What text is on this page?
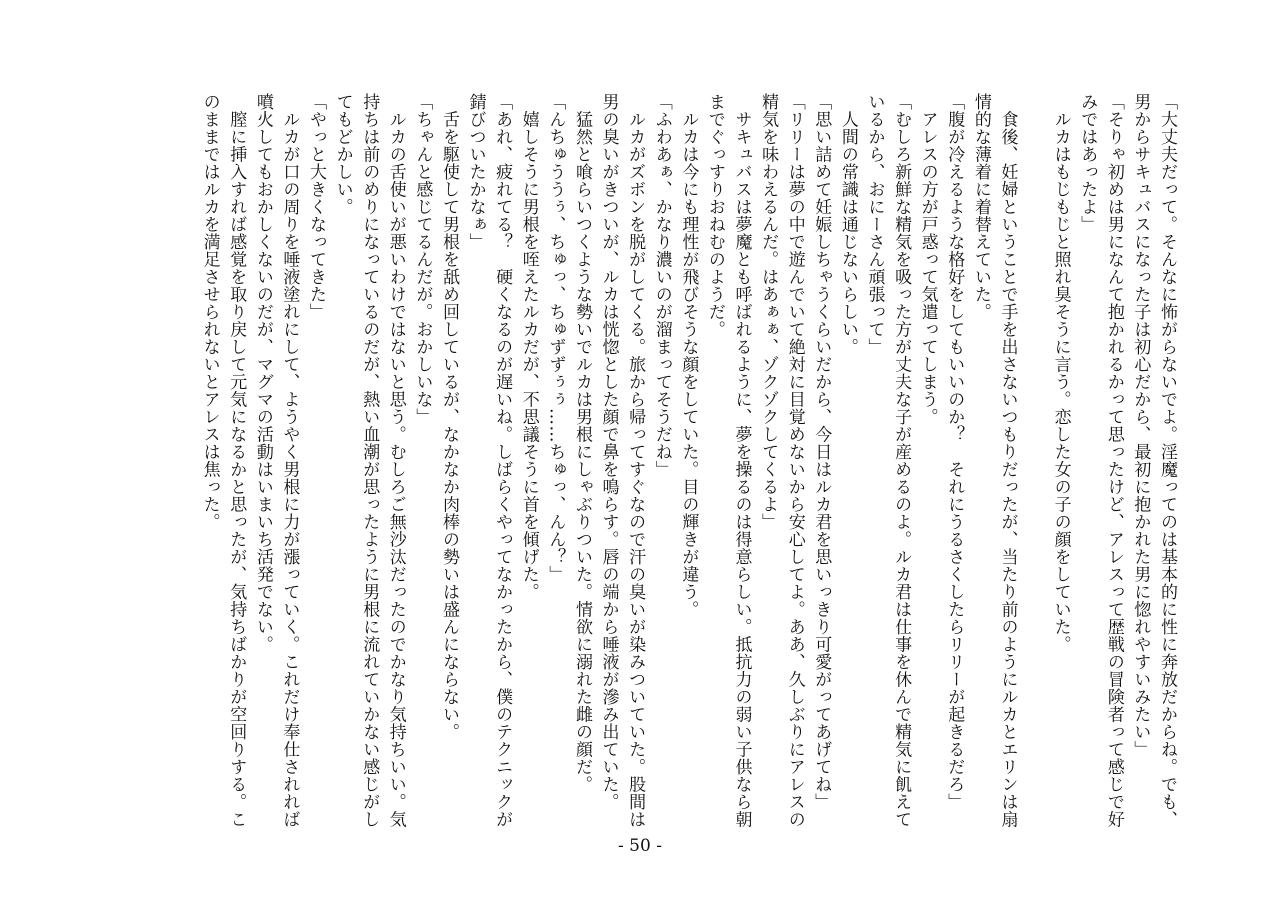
「大丈夫だって。そんなに怖がらないでよ。淫魔ってのは基本的に性に奔放だからね。でも、男からサキュバスになった子は初心だから、最初に抱かれた男に惚れやすいみたい」

「そりゃ初めは男になんて抱かれるかって思ったけど、アレスって歴戦の冒険者って感じで好みではあったよ」

　ルカはもじもじと照れ臭そうに言う。恋した女の子の顔をしていた。

　食後、妊婦ということで手を出さないつもりだったが、当たり前のようにルカとエリンは扇情的な薄着に着替えていた。

「腹が冷えるような格好をしてもいいのか？　それにうるさくしたらリリーが起きるだろ」

　アレスの方が戸惑って気遣ってしまう。

「むしろ新鮮な精気を吸った方が丈夫な子が産めるのよ。ルカ君は仕事を休んで精気に飢えているから、おにーさん頑張って」

　人間の常識は通じないらしい。

「思い詰めて妊娠しちゃうくらいだから、今日はルカ君を思いっきり可愛がってあげてね」

「リリーは夢の中で遊んでいて絶対に目覚めないから安心してよ。ああ、久しぶりにアレスの精気を味わえるんだ。はあぁぁ、ゾクゾクしてくるよ」

　サキュバスは夢魔とも呼ばれるように、夢を操るのは得意らしい。抵抗力の弱い子供なら朝までぐっすりおねむのようだ。

　ルカは今にも理性が飛びそうな顔をしていた。目の輝きが違う。

「ふわあぁ、かなり濃いのが溜まってそうだね」

　ルカがズボンを脱がしてくる。旅から帰ってすぐなので汗の臭いが染みついていた。股間は男の臭いがきついが、ルカは恍惚とした顔で鼻を鳴らす。唇の端から唾液が滲み出ていた。

　猛然と喰らいつくような勢いでルカは男根にしゃぶりついた。情欲に溺れた雌の顔だ。

「んちゅううぅ、ちゅっ、ちゅずずぅぅ……ちゅっ、んん？」

　嬉しそうに男根を咥えたルカだが、不思議そうに首を傾げた。

「あれ、疲れてる？　硬くなるのが遅いね。しばらくやってなかったから、僕のテクニックが錆びついたかなぁ」

　舌を駆使して男根を舐め回しているが、なかなか肉棒の勢いは盛んにならない。

「ちゃんと感じてるんだが。おかしいな」

　ルカの舌使いが悪いわけではないと思う。むしろご無沙汰だったのでかなり気持ちいい。気持ちは前のめりになっているのだが、熱い血潮が思ったように男根に流れていかない感じがしてもどかしい。

「やっと大きくなってきた」

　ルカが口の周りを唾液塗れにして、ようやく男根に力が漲っていく。これだけ奉仕されれば噴火してもおかしくないのだが、マグマの活動はいまいち活発でない。

　膣に挿入すれば感覚を取り戻して元気になるかと思ったが、気持ちばかりが空回りする。このままではルカを満足させられないとアレスは焦った。

- 50 -
